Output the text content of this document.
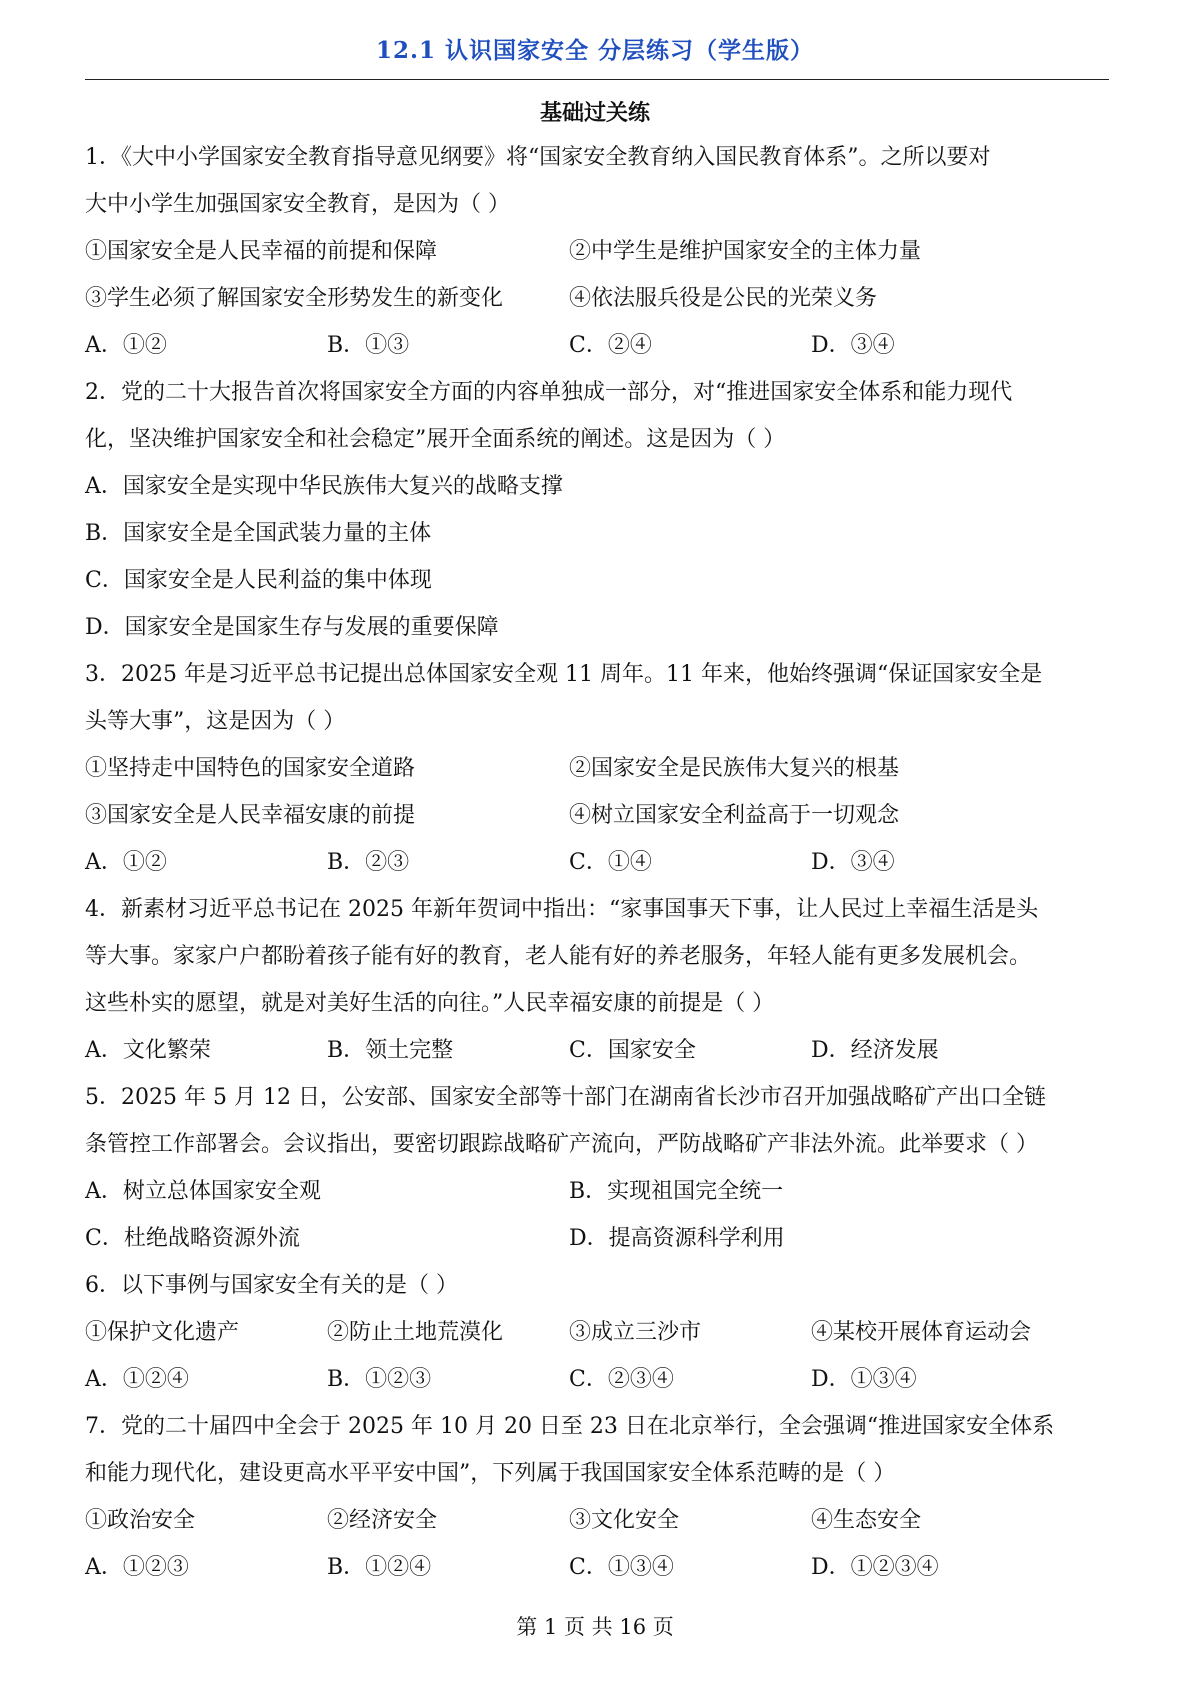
12.1 认识国家安全 分层练习（学生版）
基础过关练
1．《大中小学国家安全教育指导意见纲要》将“国家安全教育纳入国民教育体系”。之所以要对
大中小学生加强国家安全教育，是因为（ ）
①国家安全是人民幸福的前提和保障	②中学生是维护国家安全的主体力量
③学生必须了解国家安全形势发生的新变化	④依法服兵役是公民的光荣义务
A．①②	B．①③	C．②④	D．③④
2．党的二十大报告首次将国家安全方面的内容单独成一部分，对“推进国家安全体系和能力现代
化，坚决维护国家安全和社会稳定”展开全面系统的阐述。这是因为（ ）
A．国家安全是实现中华民族伟大复兴的战略支撑
B．国家安全是全国武装力量的主体
C．国家安全是人民利益的集中体现
D．国家安全是国家生存与发展的重要保障
3．2025 年是习近平总书记提出总体国家安全观 11 周年。11 年来，他始终强调“保证国家安全是
头等大事”，这是因为（ ）
①坚持走中国特色的国家安全道路	②国家安全是民族伟大复兴的根基
③国家安全是人民幸福安康的前提	④树立国家安全利益高于一切观念
A．①②	B．②③	C．①④	D．③④
4．新素材习近平总书记在 2025 年新年贺词中指出：“家事国事天下事，让人民过上幸福生活是头
等大事。家家户户都盼着孩子能有好的教育，老人能有好的养老服务，年轻人能有更多发展机会。
这些朴实的愿望，就是对美好生活的向往。”人民幸福安康的前提是（ ）
A．文化繁荣	B．领土完整	C．国家安全	D．经济发展
5．2025 年 5 月 12 日，公安部、国家安全部等十部门在湖南省长沙市召开加强战略矿产出口全链
条管控工作部署会。会议指出，要密切跟踪战略矿产流向，严防战略矿产非法外流。此举要求（ ）
A．树立总体国家安全观	B．实现祖国完全统一
C．杜绝战略资源外流	D．提高资源科学利用
6．以下事例与国家安全有关的是（ ）
①保护文化遗产	②防止土地荒漠化	③成立三沙市	④某校开展体育运动会
A．①②④	B．①②③	C．②③④	D．①③④
7．党的二十届四中全会于 2025 年 10 月 20 日至 23 日在北京举行，全会强调“推进国家安全体系
和能力现代化，建设更高水平平安中国”，下列属于我国国家安全体系范畴的是（ ）
①政治安全	②经济安全	③文化安全	④生态安全
A．①②③	B．①②④	C．①③④	D．①②③④
第 1 页 共 16 页
